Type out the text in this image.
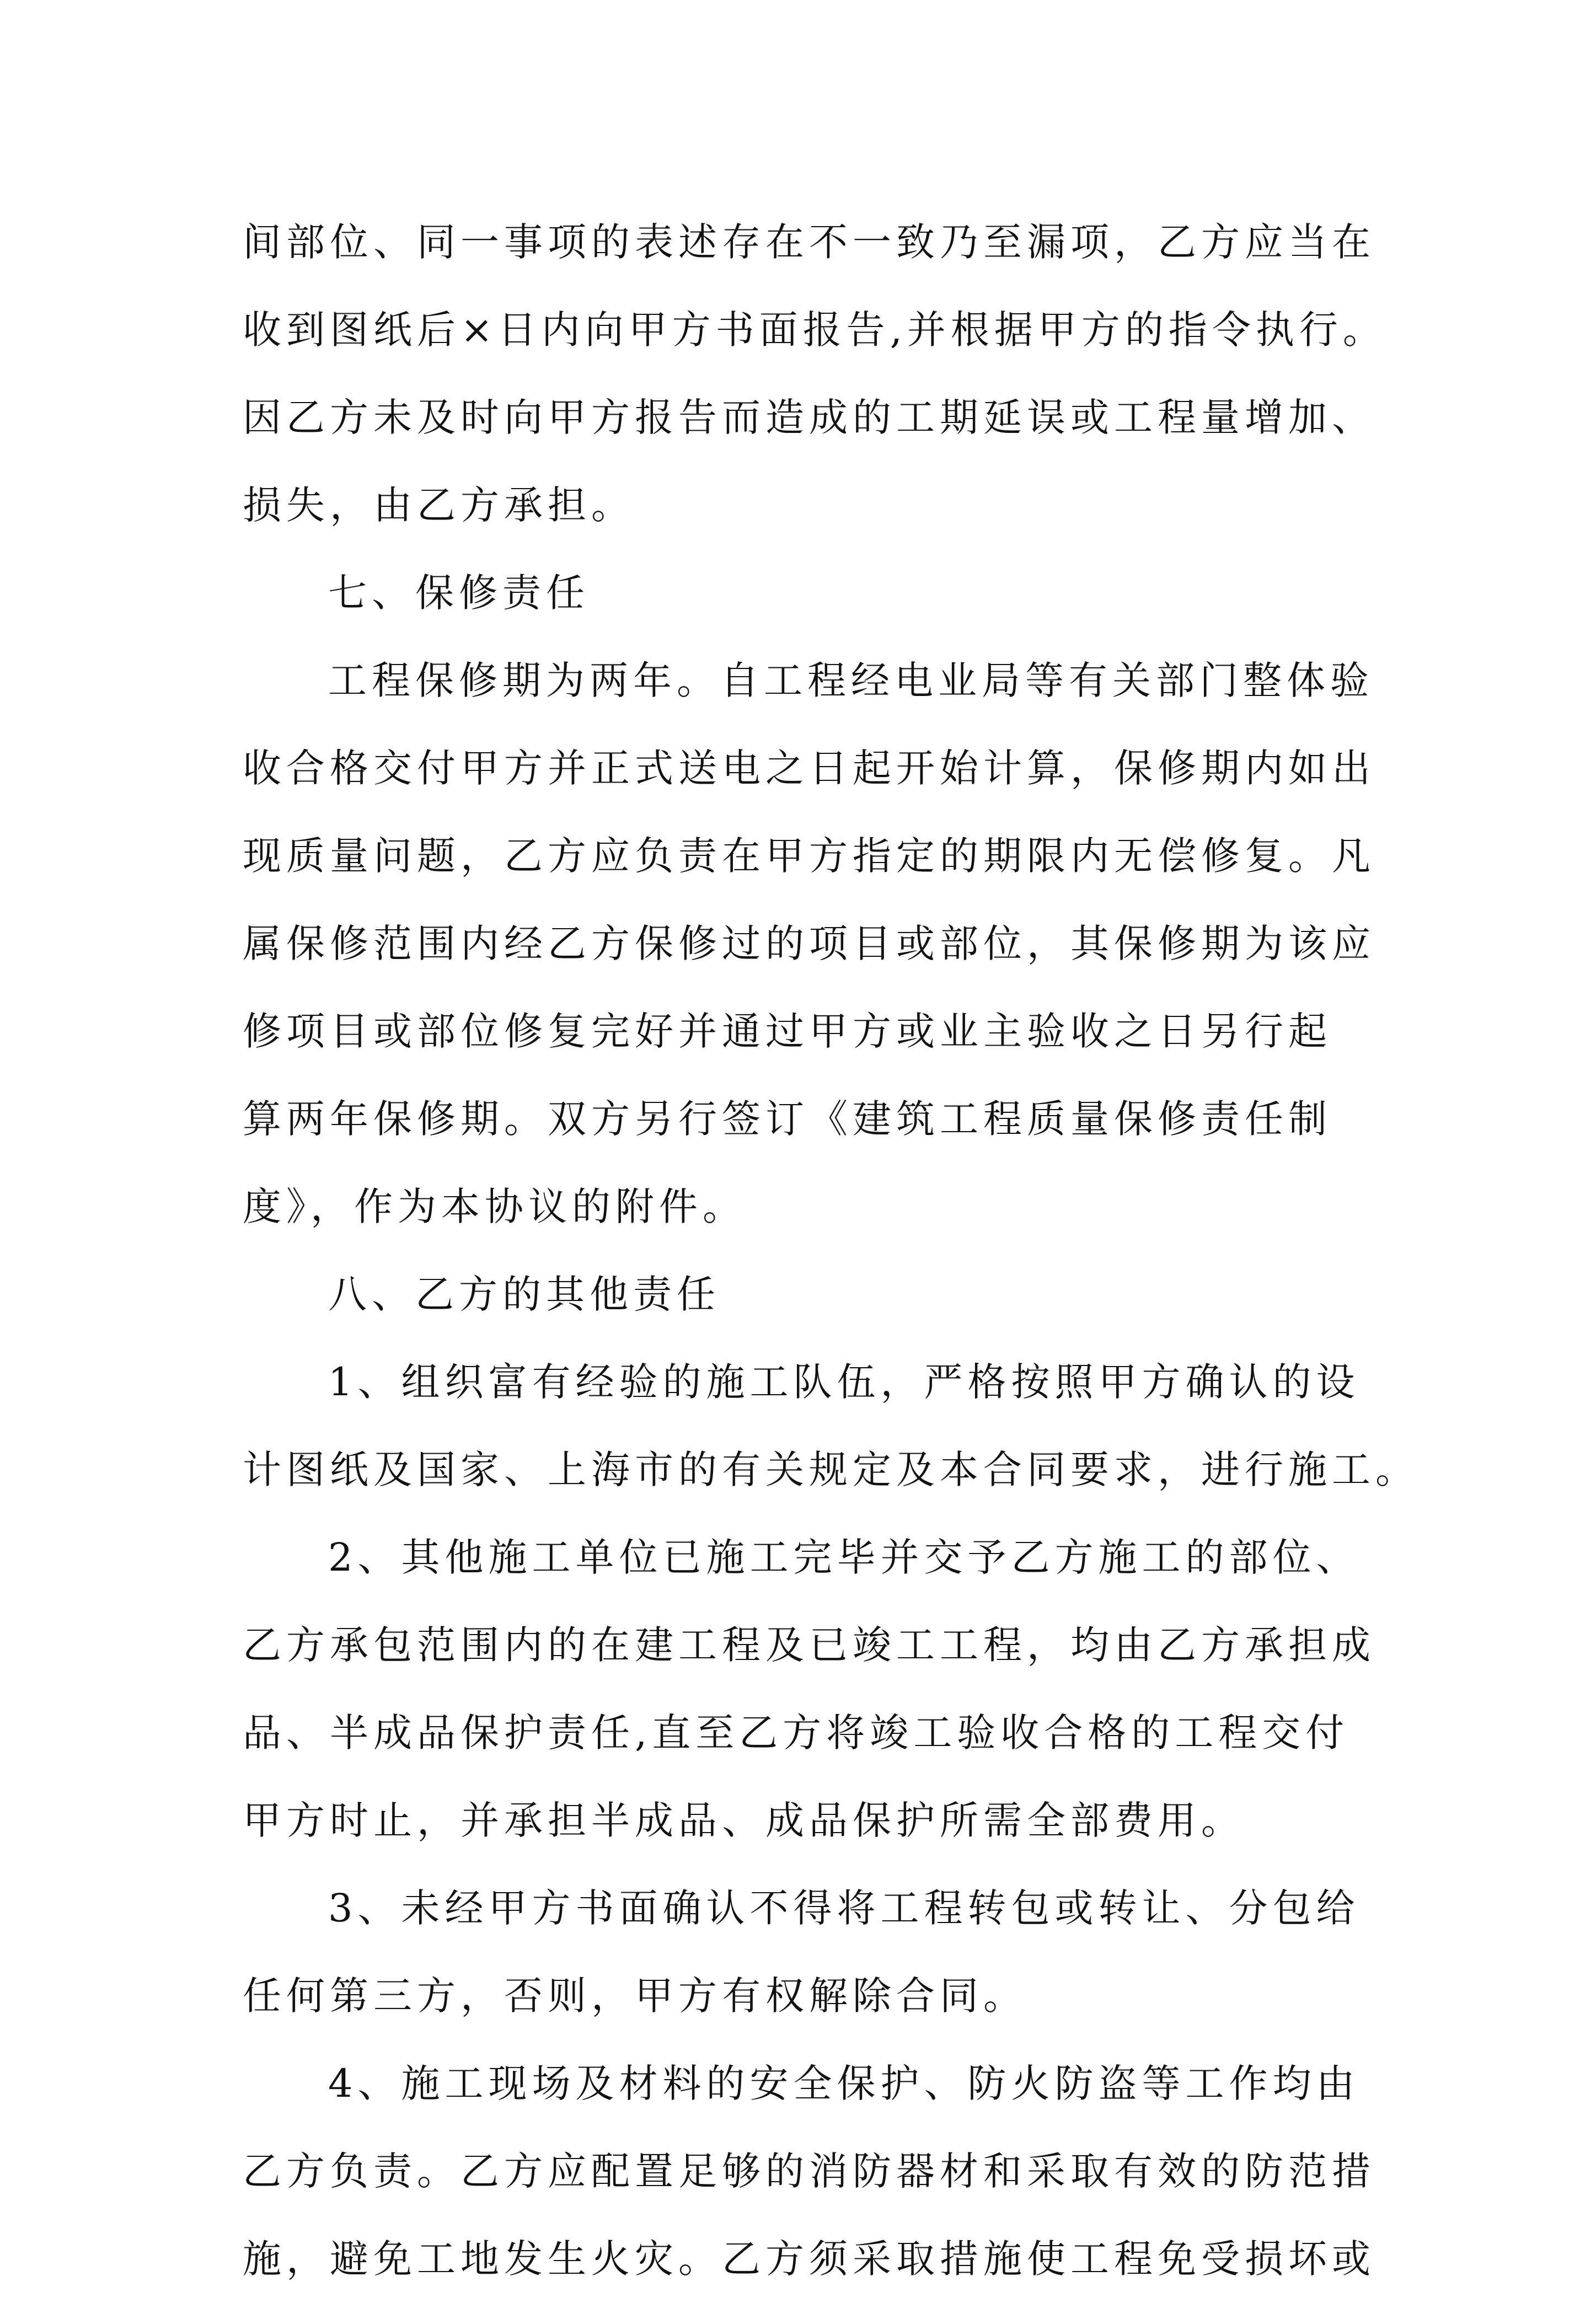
间部位、同一事项的表述存在不一致乃至漏项，乙方应当在
收到图纸后×日内向甲方书面报告,并根据甲方的指令执行。
因乙方未及时向甲方报告而造成的工期延误或工程量增加、
损失，由乙方承担。
七、保修责任
工程保修期为两年。自工程经电业局等有关部门整体验
收合格交付甲方并正式送电之日起开始计算，保修期内如出
现质量问题，乙方应负责在甲方指定的期限内无偿修复。凡
属保修范围内经乙方保修过的项目或部位，其保修期为该应
修项目或部位修复完好并通过甲方或业主验收之日另行起
算两年保修期。双方另行签订《建筑工程质量保修责任制
度》，作为本协议的附件。
八、乙方的其他责任
1、组织富有经验的施工队伍，严格按照甲方确认的设
计图纸及国家、上海市的有关规定及本合同要求，进行施工。
2、其他施工单位已施工完毕并交予乙方施工的部位、
乙方承包范围内的在建工程及已竣工工程，均由乙方承担成
品、半成品保护责任,直至乙方将竣工验收合格的工程交付
甲方时止，并承担半成品、成品保护所需全部费用。
3、未经甲方书面确认不得将工程转包或转让、分包给
任何第三方，否则，甲方有权解除合同。
4、施工现场及材料的安全保护、防火防盗等工作均由
乙方负责。乙方应配置足够的消防器材和采取有效的防范措
施，避免工地发生火灾。乙方须采取措施使工程免受损坏或
